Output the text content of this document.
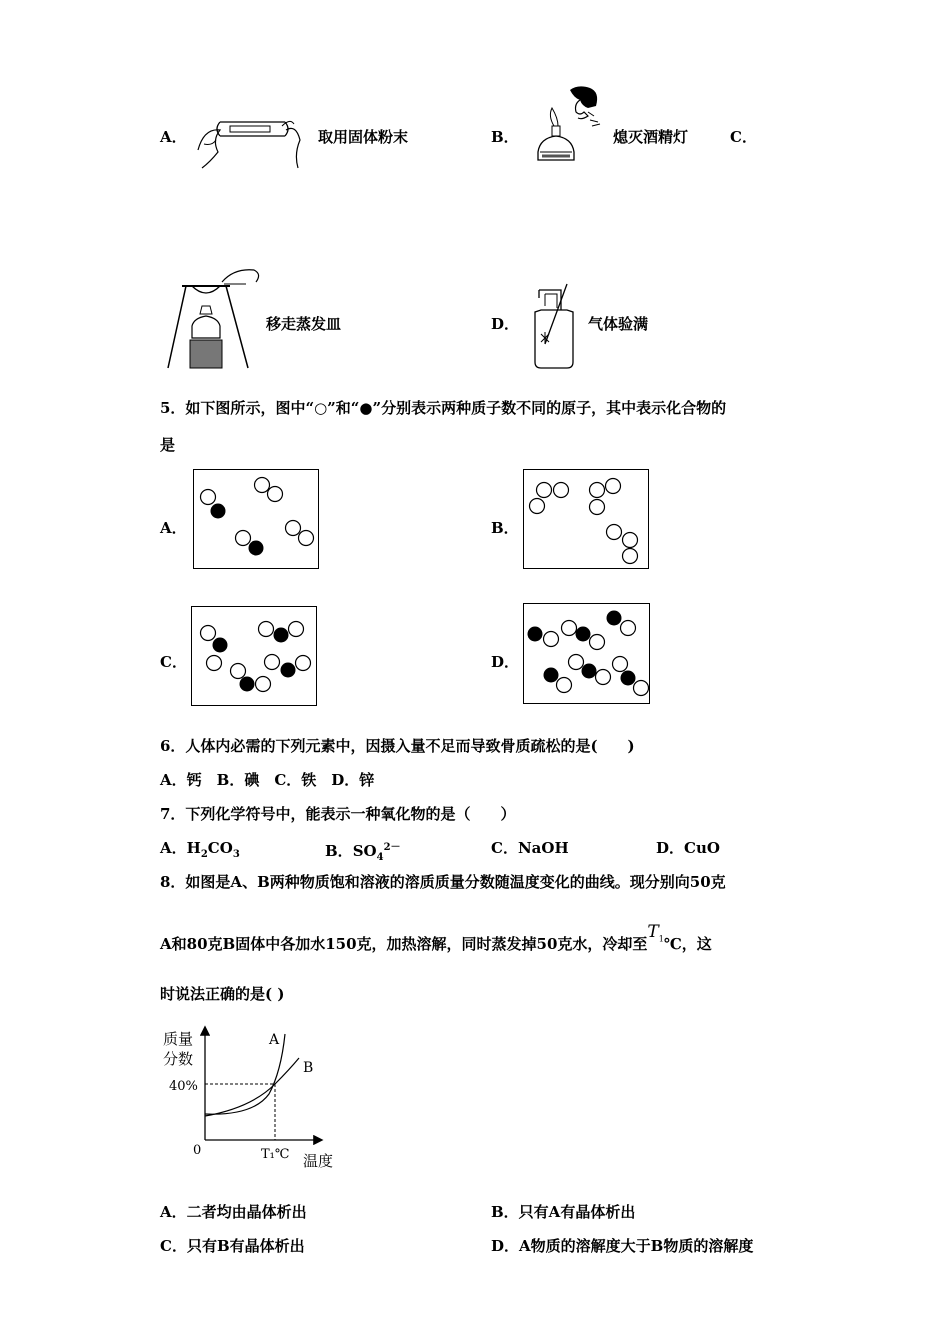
A．	取用固体粉末	B．	熄灭酒精灯	C．
移走蒸发皿	D．	气体验满
5．如下图所示，图中“○”和“●”分别表示两种质子数不同的原子，其中表示化合物的
是
A．	B．
C．	D．
6．人体内必需的下列元素中，因摄入量不足而导致骨质疏松的是(　　)
A．钙　B．碘　C．铁　D．锌
7．下列化学符号中，能表示一种氧化物的是（　　）
A．$H_2CO_3$	B．$SO_4^{2-}$	C．NaOH	D．CuO
8．如图是A、B两种物质饱和溶液的溶质质量分数随温度变化的曲线。现分别向50克
A和80克B固体中各加水150克，加热溶解，同时蒸发掉50克水，冷却至$T_1℃$，这
时说法正确的是( )
质量
分数
40%
0	T₁℃ 温度
A
B
A．二者均由晶体析出	B．只有A有晶体析出
C．只有B有晶体析出	D．A物质的溶解度大于B物质的溶解度
